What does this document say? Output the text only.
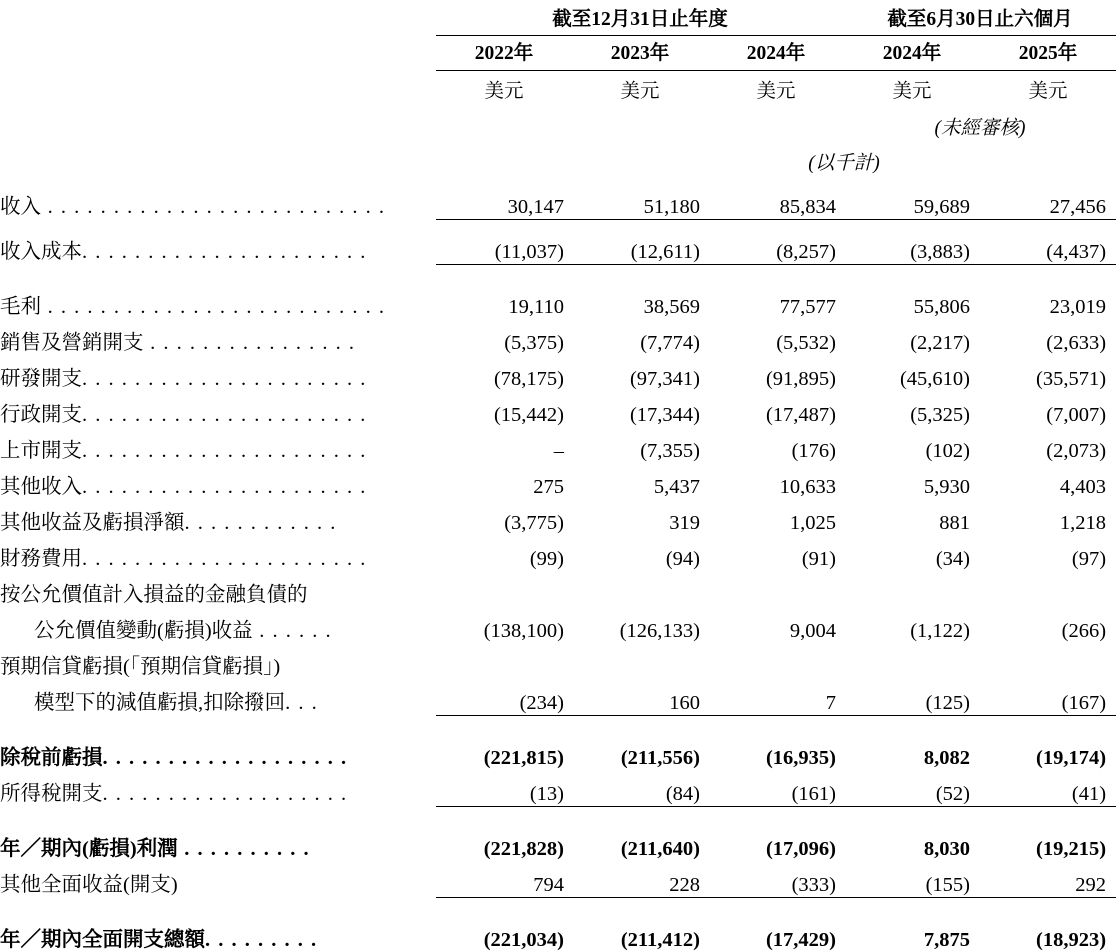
	截至12月31日止年度			截至6月30日止六個月	
	2022年	2023年	2024年	2024年	2025年
	美元	美元	美元	美元	美元
				(未經審核)	
			(以千計)		

收入 . . . . . . . . . . . . . . . . . . . . . . . . . .	30,147	51,180	85,834	59,689	27,456

收入成本. . . . . . . . . . . . . . . . . . . . . .	(11,037)	(12,611)	(8,257)	(3,883)	(4,437)

毛利 . . . . . . . . . . . . . . . . . . . . . . . . . .	19,110	38,569	77,577	55,806	23,019
銷售及營銷開支 . . . . . . . . . . . . . . . .	(5,375)	(7,774)	(5,532)	(2,217)	(2,633)
研發開支. . . . . . . . . . . . . . . . . . . . . .	(78,175)	(97,341)	(91,895)	(45,610)	(35,571)
行政開支. . . . . . . . . . . . . . . . . . . . . .	(15,442)	(17,344)	(17,487)	(5,325)	(7,007)
上市開支. . . . . . . . . . . . . . . . . . . . . .	–	(7,355)	(176)	(102)	(2,073)
其他收入. . . . . . . . . . . . . . . . . . . . . .	275	5,437	10,633	5,930	4,403
其他收益及虧損淨額. . . . . . . . . . . .	(3,775)	319	1,025	881	1,218
財務費用. . . . . . . . . . . . . . . . . . . . . .	(99)	(94)	(91)	(34)	(97)
按公允價值計入損益的金融負債的					
公允價值變動(虧損)收益 . . . . . .	(138,100)	(126,133)	9,004	(1,122)	(266)
預期信貸虧損(「預期信貸虧損」)					
模型下的減值虧損,扣除撥回. . .	(234)	160	7	(125)	(167)

除稅前虧損. . . . . . . . . . . . . . . . . . .	(221,815)	(211,556)	(16,935)	8,082	(19,174)
所得稅開支. . . . . . . . . . . . . . . . . . .	(13)	(84)	(161)	(52)	(41)

年／期內(虧損)利潤 . . . . . . . . . .	(221,828)	(211,640)	(17,096)	8,030	(19,215)
其他全面收益(開支)	794	228	(333)	(155)	292

年／期內全面開支總額. . . . . . . . .	(221,034)	(211,412)	(17,429)	7,875	(18,923)
